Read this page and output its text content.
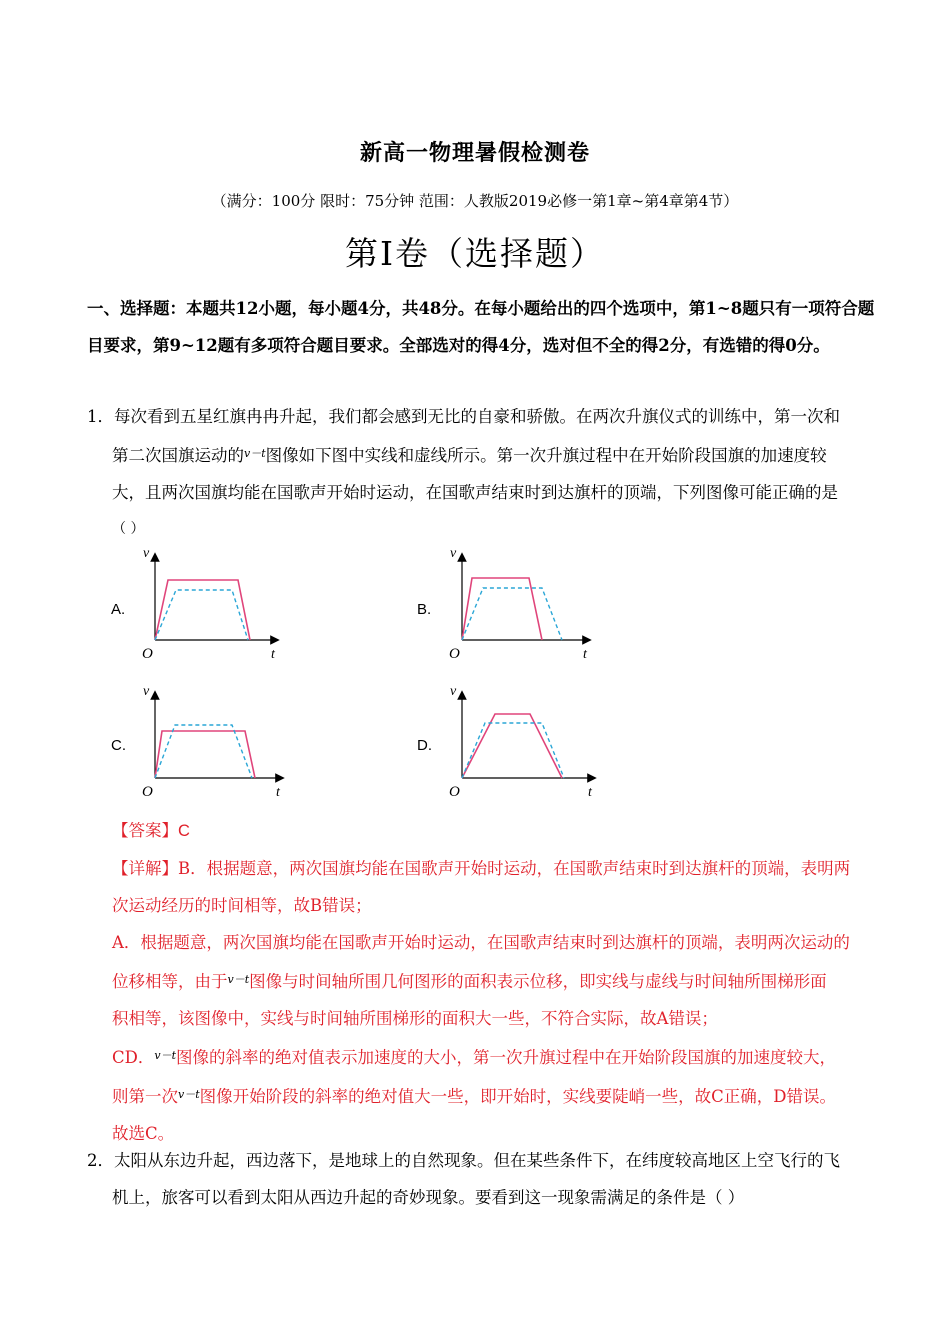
新高一物理暑假检测卷
（满分：100分 限时：75分钟 范围：人教版2019必修一第1章~第4章第4节）
第Ⅰ卷（选择题）
一、选择题：本题共12小题，每小题4分，共48分。在每小题给出的四个选项中，第1~8题只有一项符合题目要求，第9~12题有多项符合题目要求。全部选对的得4分，选对但不全的得2分，有选错的得0分。
1．每次看到五星红旗冉冉升起，我们都会感到无比的自豪和骄傲。在两次升旗仪式的训练中，第一次和
第二次国旗运动的$^{v-t}$图像如下图中实线和虚线所示。第一次升旗过程中在开始阶段国旗的加速度较
大，且两次国旗均能在国歌声开始时运动，在国歌声结束时到达旗杆的顶端，下列图像可能正确的是
（ ）
A.
v
t
O
B.
v
t
O
C.
v
t
O
D.
v
t
O
【答案】C
【详解】B．根据题意，两次国旗均能在国歌声开始时运动，在国歌声结束时到达旗杆的顶端，表明两
次运动经历的时间相等，故B错误；
A．根据题意，两次国旗均能在国歌声开始时运动，在国歌声结束时到达旗杆的顶端，表明两次运动的
位移相等，由于$^{v-t}$图像与时间轴所围几何图形的面积表示位移，即实线与虚线与时间轴所围梯形面
积相等，该图像中，实线与时间轴所围梯形的面积大一些，不符合实际，故A错误；
CD．$^{v-t}$图像的斜率的绝对值表示加速度的大小，第一次升旗过程中在开始阶段国旗的加速度较大，
则第一次$^{v-t}$图像开始阶段的斜率的绝对值大一些，即开始时，实线要陡峭一些，故C正确，D错误。
故选C。
2．太阳从东边升起，西边落下，是地球上的自然现象。但在某些条件下，在纬度较高地区上空飞行的飞
机上，旅客可以看到太阳从西边升起的奇妙现象。要看到这一现象需满足的条件是（ ）
